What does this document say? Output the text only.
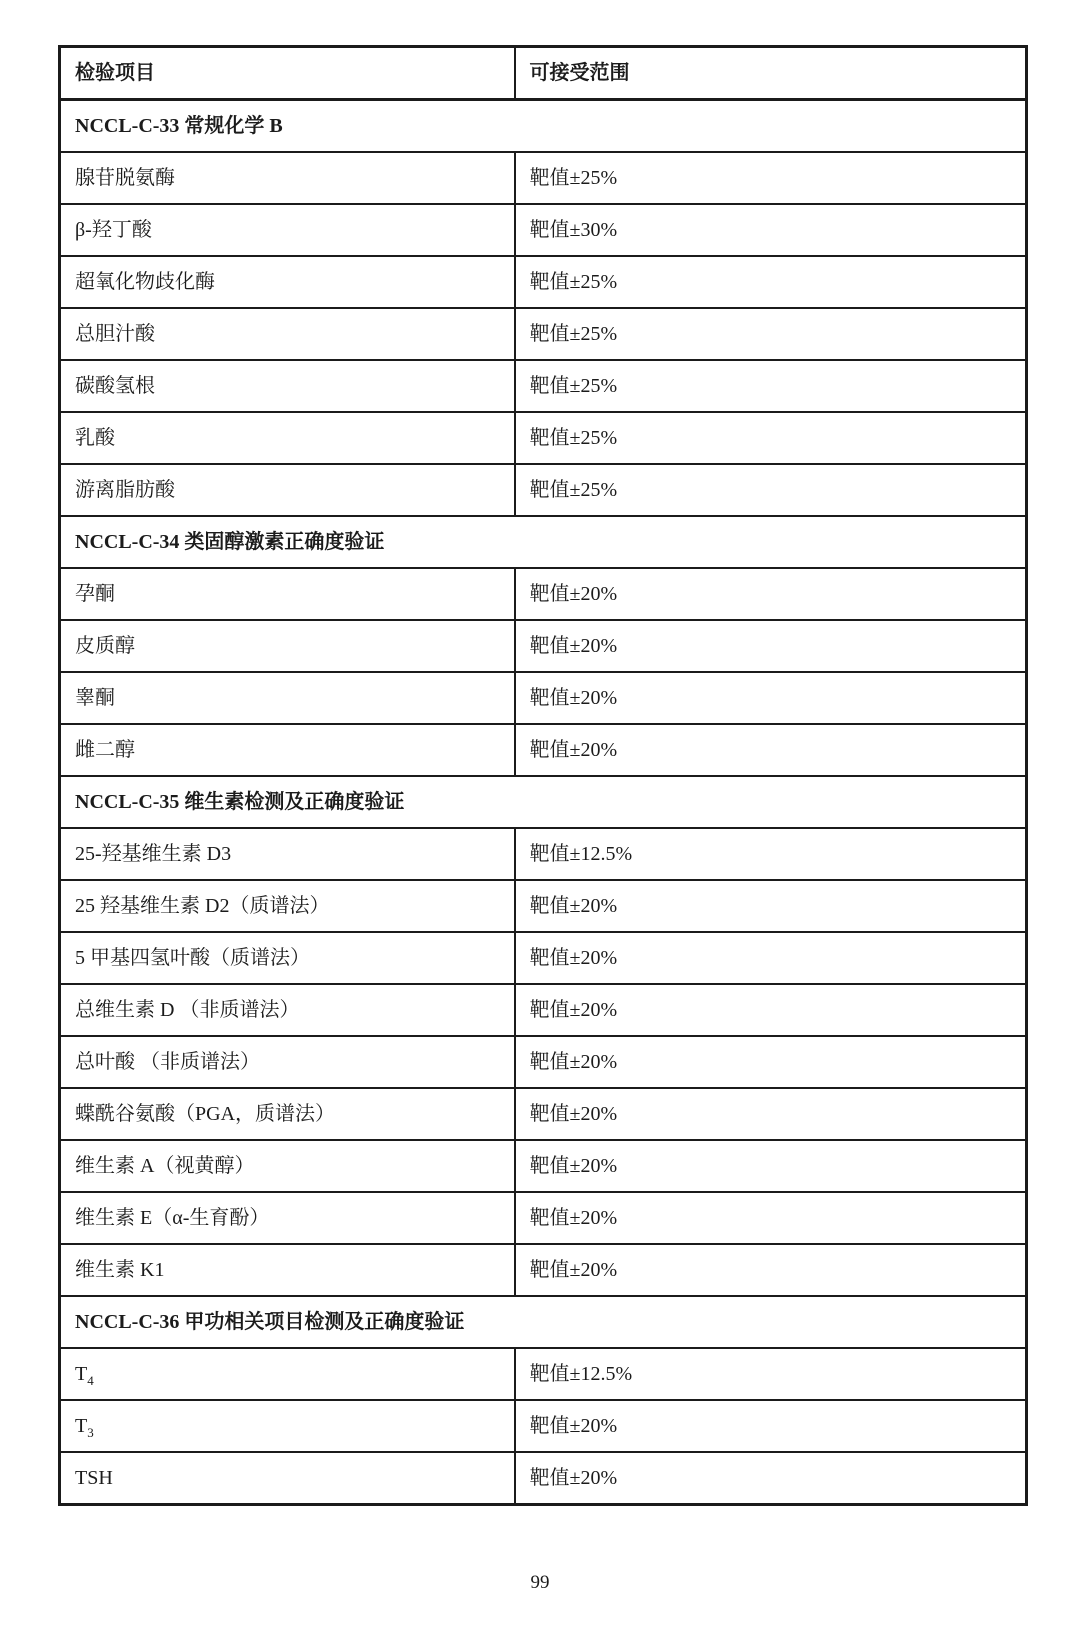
检验项目	可接受范围
NCCL-C-33 常规化学 B	
腺苷脱氨酶	靶值±25%
β-羟丁酸	靶值±30%
超氧化物歧化酶	靶值±25%
总胆汁酸	靶值±25%
碳酸氢根	靶值±25%
乳酸	靶值±25%
游离脂肪酸	靶值±25%
NCCL-C-34 类固醇激素正确度验证	
孕酮	靶值±20%
皮质醇	靶值±20%
睾酮	靶值±20%
雌二醇	靶值±20%
NCCL-C-35 维生素检测及正确度验证	
25-羟基维生素 D3	靶值±12.5%
25 羟基维生素 D2（质谱法）	靶值±20%
5 甲基四氢叶酸（质谱法）	靶值±20%
总维生素 D （非质谱法）	靶值±20%
总叶酸 （非质谱法）	靶值±20%
蝶酰谷氨酸（PGA，质谱法）	靶值±20%
维生素 A（视黄醇）	靶值±20%
维生素 E（α-生育酚）	靶值±20%
维生素 K1	靶值±20%
NCCL-C-36 甲功相关项目检测及正确度验证	
$T_4$	靶值±12.5%
$T_3$	靶值±20%
TSH	靶值±20%
99
